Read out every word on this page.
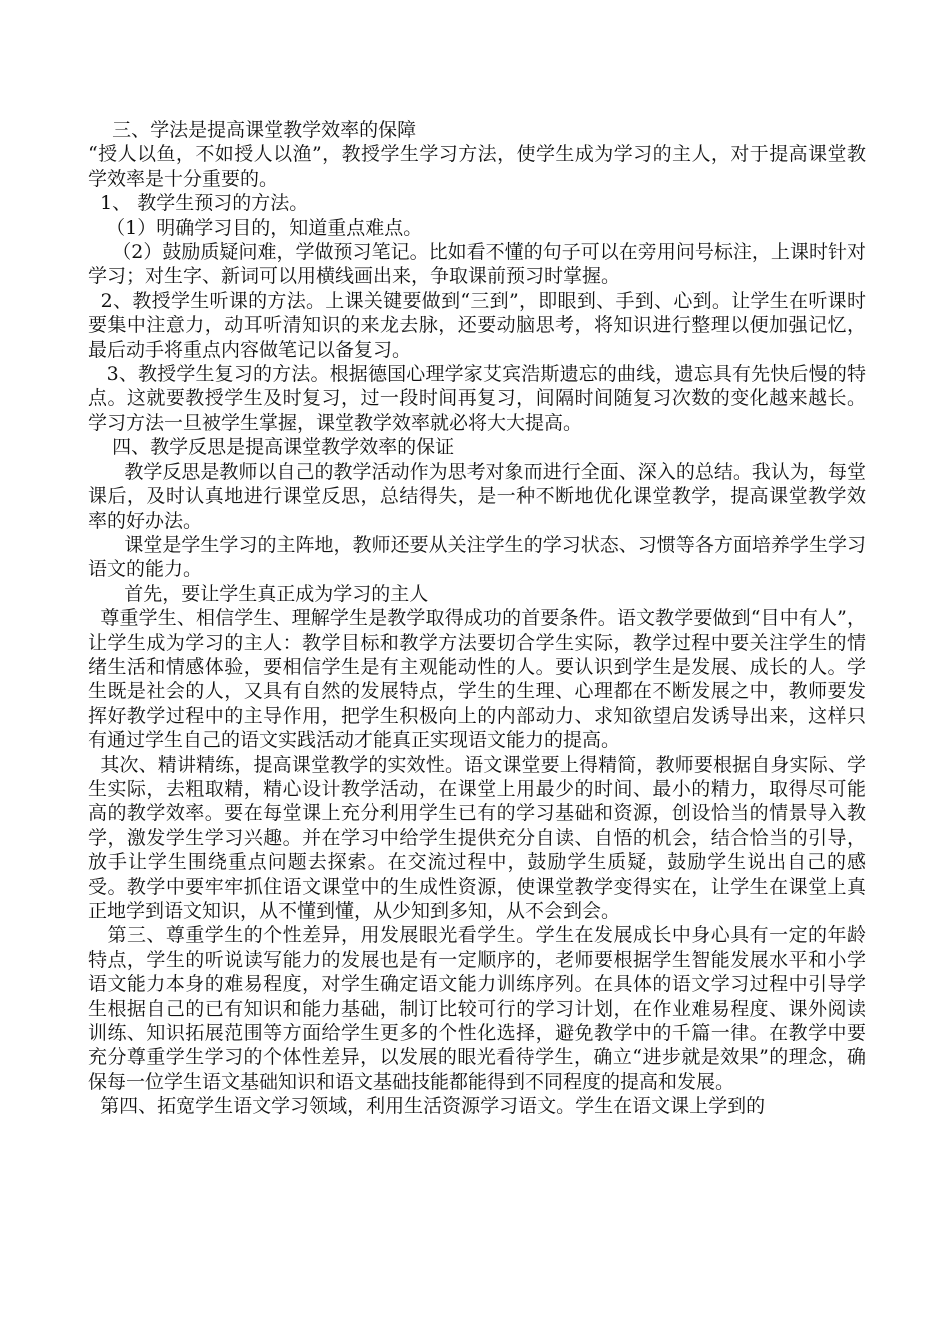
三、学法是提高课堂教学效率的保障

“授人以鱼，不如授人以渔”，教授学生学习方法，使学生成为学习的主人，对于提高课堂教学效率是十分重要的。

1、 教学生预习的方法。

（1）明确学习目的，知道重点难点。

（2）鼓励质疑问难，学做预习笔记。比如看不懂的句子可以在旁用问号标注，上课时针对学习；对生字、新词可以用横线画出来，争取课前预习时掌握。

2、教授学生听课的方法。上课关键要做到“三到”，即眼到、手到、心到。让学生在听课时要集中注意力，动耳听清知识的来龙去脉，还要动脑思考，将知识进行整理以便加强记忆，最后动手将重点内容做笔记以备复习。

3、教授学生复习的方法。根据德国心理学家艾宾浩斯遗忘的曲线，遗忘具有先快后慢的特点。这就要教授学生及时复习，过一段时间再复习，间隔时间随复习次数的变化越来越长。学习方法一旦被学生掌握，课堂教学效率就必将大大提高。

四、教学反思是提高课堂教学效率的保证

教学反思是教师以自己的教学活动作为思考对象而进行全面、深入的总结。我认为，每堂课后，及时认真地进行课堂反思，总结得失，是一种不断地优化课堂教学，提高课堂教学效率的好办法。

课堂是学生学习的主阵地，教师还要从关注学生的学习状态、习惯等各方面培养学生学习语文的能力。

首先，要让学生真正成为学习的主人

尊重学生、相信学生、理解学生是教学取得成功的首要条件。语文教学要做到“目中有人”，让学生成为学习的主人：教学目标和教学方法要切合学生实际，教学过程中要关注学生的情绪生活和情感体验，要相信学生是有主观能动性的人。要认识到学生是发展、成长的人。学生既是社会的人，又具有自然的发展特点，学生的生理、心理都在不断发展之中，教师要发挥好教学过程中的主导作用，把学生积极向上的内部动力、求知欲望启发诱导出来，这样只有通过学生自己的语文实践活动才能真正实现语文能力的提高。

其次、精讲精练，提高课堂教学的实效性。语文课堂要上得精简，教师要根据自身实际、学生实际，去粗取精，精心设计教学活动，在课堂上用最少的时间、最小的精力，取得尽可能高的教学效率。要在每堂课上充分利用学生已有的学习基础和资源，创设恰当的情景导入教学，激发学生学习兴趣。并在学习中给学生提供充分自读、自悟的机会，结合恰当的引导，放手让学生围绕重点问题去探索。在交流过程中，鼓励学生质疑，鼓励学生说出自己的感受。教学中要牢牢抓住语文课堂中的生成性资源，使课堂教学变得实在，让学生在课堂上真正地学到语文知识，从不懂到懂，从少知到多知，从不会到会。

第三、尊重学生的个性差异，用发展眼光看学生。学生在发展成长中身心具有一定的年龄特点，学生的听说读写能力的发展也是有一定顺序的，老师要根据学生智能发展水平和小学语文能力本身的难易程度，对学生确定语文能力训练序列。在具体的语文学习过程中引导学生根据自己的已有知识和能力基础，制订比较可行的学习计划，在作业难易程度、课外阅读训练、知识拓展范围等方面给学生更多的个性化选择，避免教学中的千篇一律。在教学中要充分尊重学生学习的个体性差异，以发展的眼光看待学生，确立“进步就是效果”的理念，确保每一位学生语文基础知识和语文基础技能都能得到不同程度的提高和发展。

第四、拓宽学生语文学习领域，利用生活资源学习语文。学生在语文课上学到的
